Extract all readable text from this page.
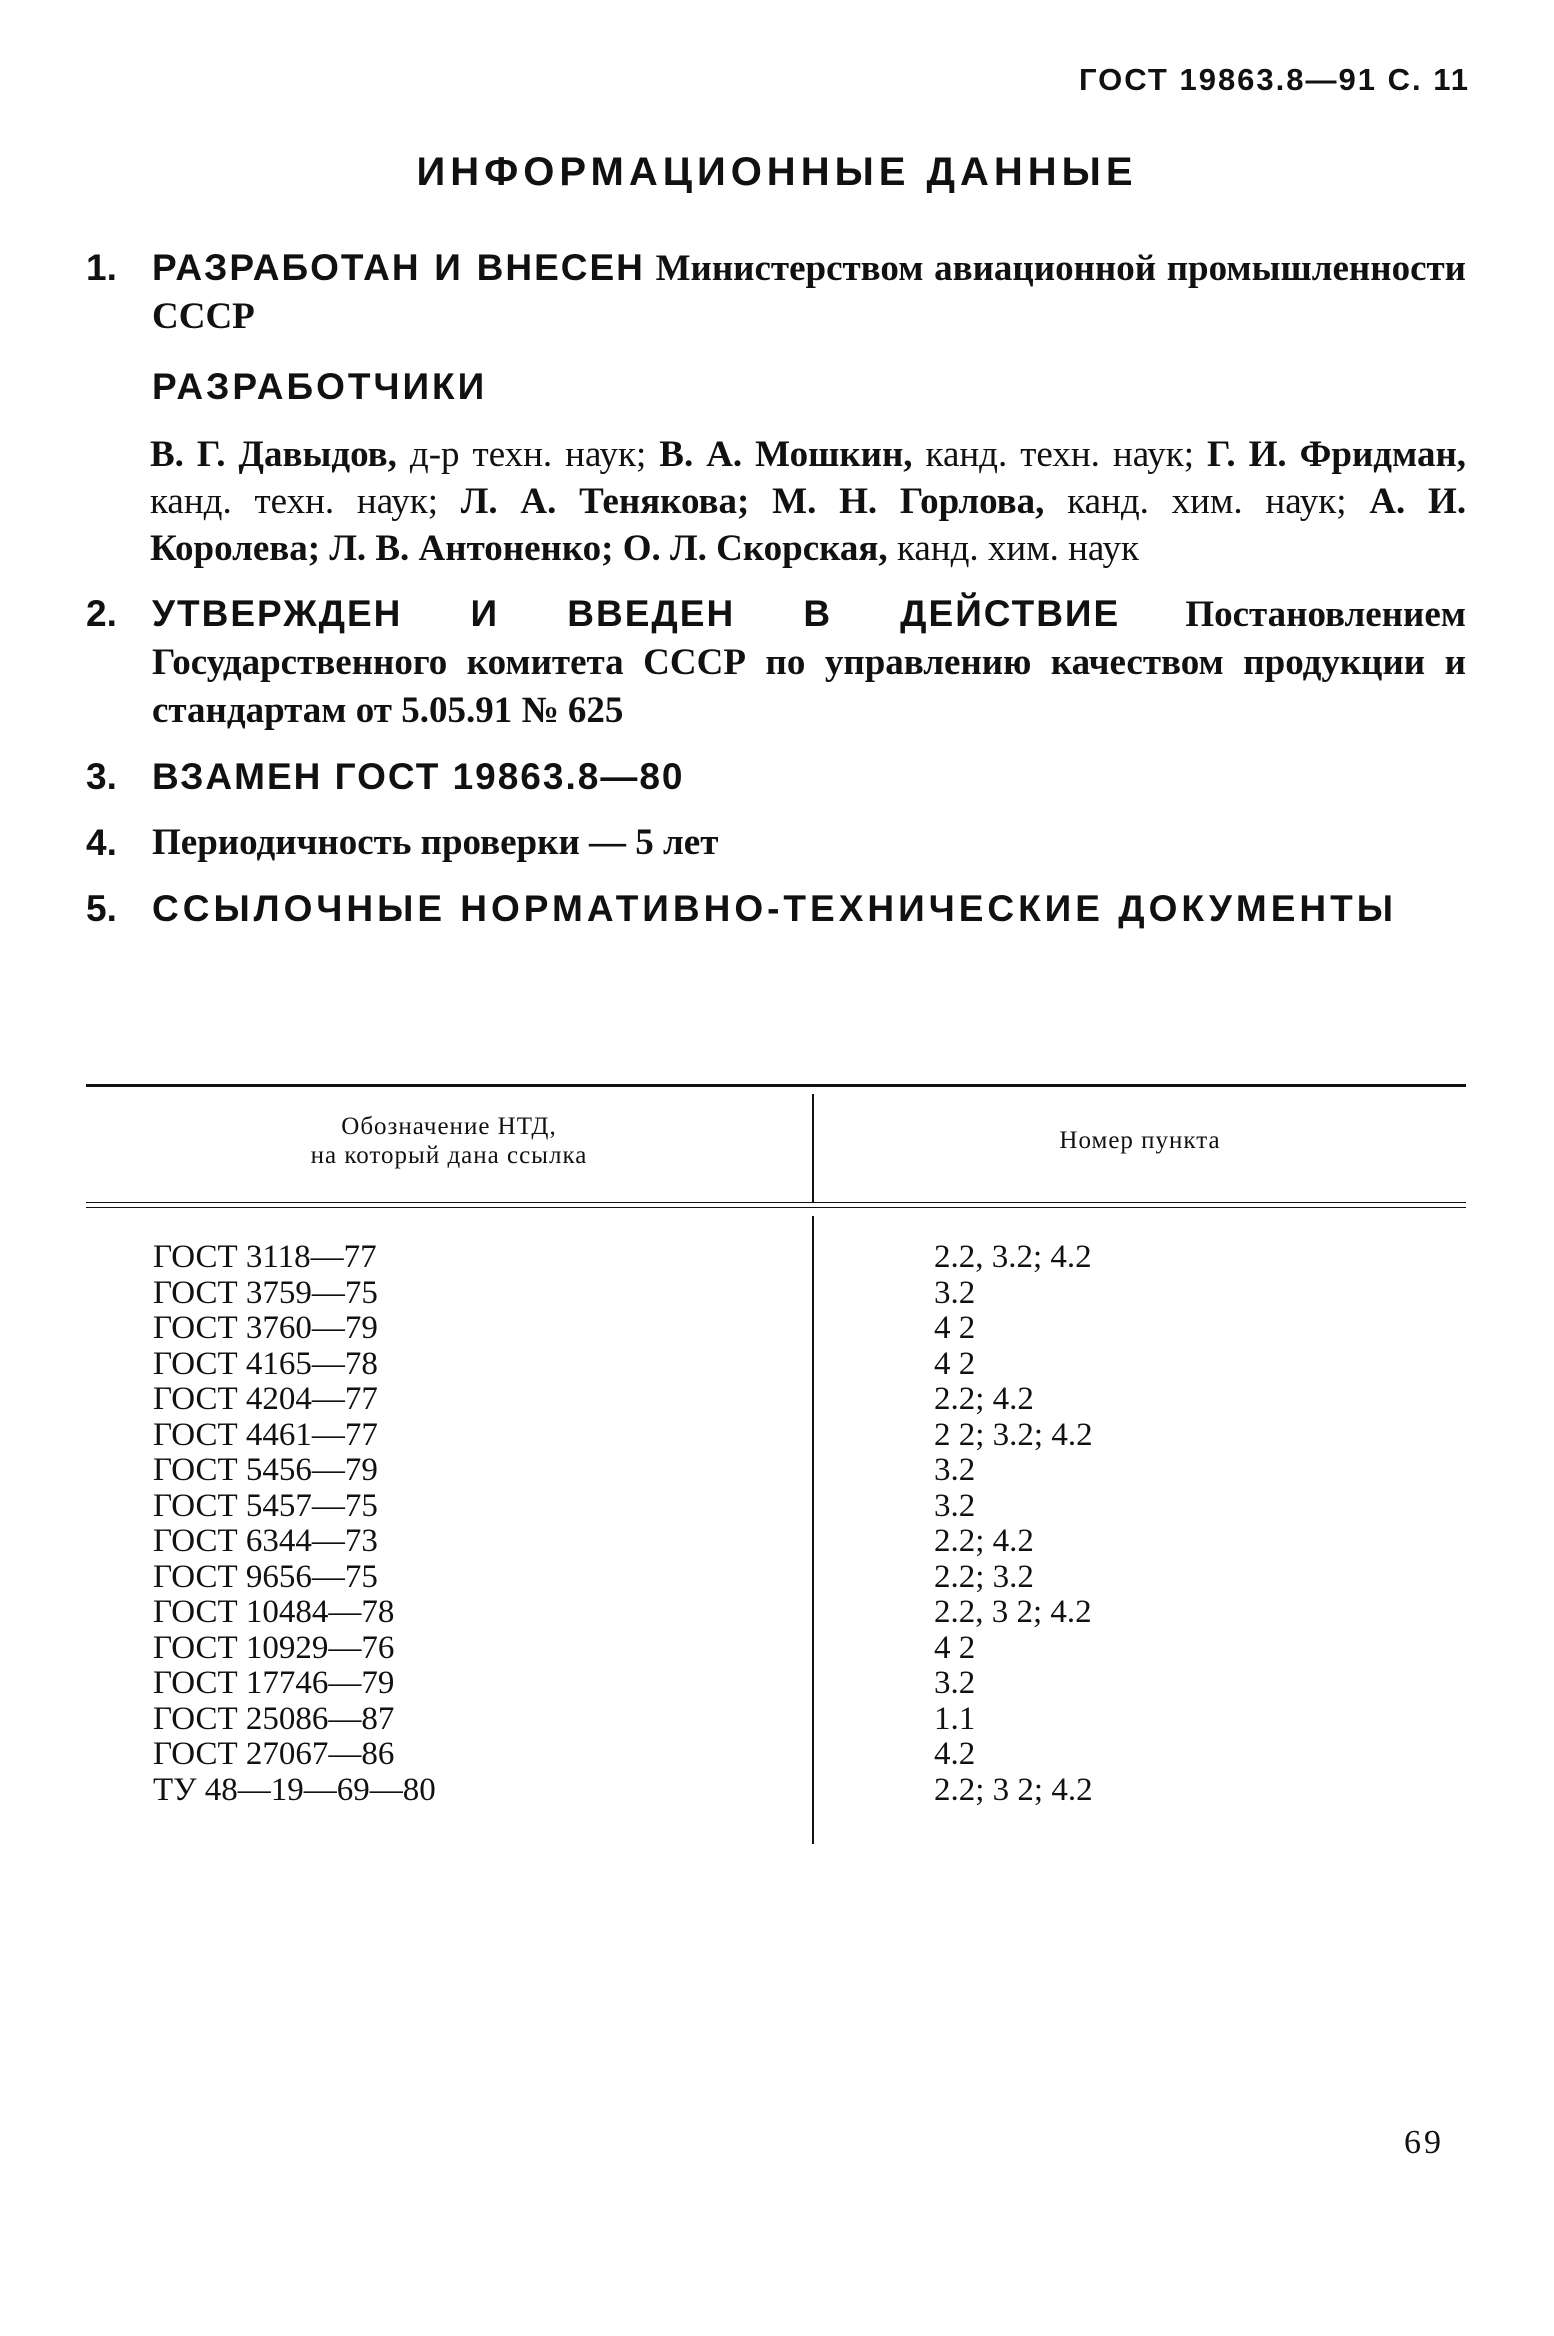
ГОСТ 19863.8—91 С. 11
ИНФОРМАЦИОННЫЕ ДАННЫЕ
1. РАЗРАБОТАН И ВНЕСЕН Министерством авиационной промышленности СССР
РАЗРАБОТЧИКИ
В. Г. Давыдов, д-р техн. наук; В. А. Мошкин, канд. техн. наук; Г. И. Фридман, канд. техн. наук; Л. А. Тенякова; М. Н. Горлова, канд. хим. наук; А. И. Королева; Л. В. Антоненко; О. Л. Скорская, канд. хим. наук
2. УТВЕРЖДЕН И ВВЕДЕН В ДЕЙСТВИЕ Постановлением Государственного комитета СССР по управлению качеством продукции и стандартам от 5.05.91 № 625
3. ВЗАМЕН ГОСТ 19863.8—80
4. Периодичность проверки — 5 лет
5. ССЫЛОЧНЫЕ НОРМАТИВНО-ТЕХНИЧЕСКИЕ ДОКУМЕНТЫ
Обозначение НТД,
на который дана ссылка
Номер пункта
ГОСТ 3118—77	2.2, 3.2; 4.2
ГОСТ 3759—75	3.2
ГОСТ 3760—79	4 2
ГОСТ 4165—78	4 2
ГОСТ 4204—77	2.2; 4.2
ГОСТ 4461—77	2 2; 3.2; 4.2
ГОСТ 5456—79	3.2
ГОСТ 5457—75	3.2
ГОСТ 6344—73	2.2; 4.2
ГОСТ 9656—75	2.2; 3.2
ГОСТ 10484—78	2.2, 3 2; 4.2
ГОСТ 10929—76	4 2
ГОСТ 17746—79	3.2
ГОСТ 25086—87	1.1
ГОСТ 27067—86	4.2
ТУ 48—19—69—80	2.2; 3 2; 4.2
69
